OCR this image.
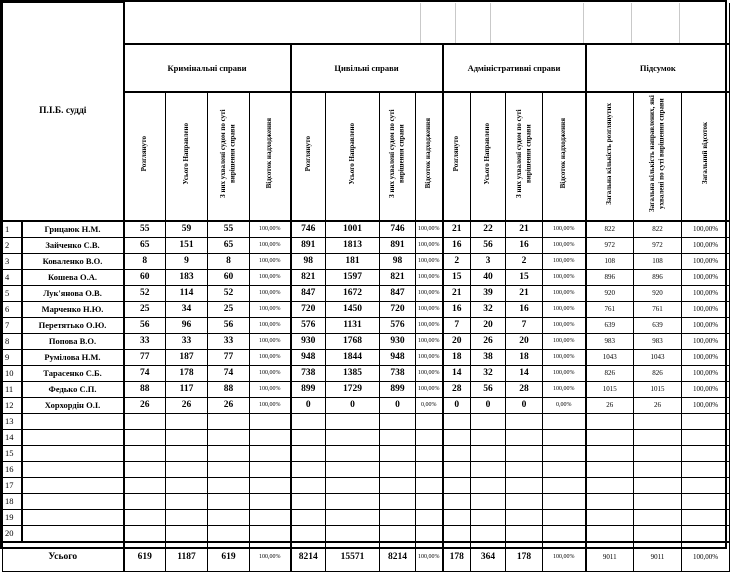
П.І.Б. судді																
		Кримінальні справи				Цивільні справи				Адміністративні справи				Підсумок		
		Розглянуто	Усього Направлено	З них ухвалені судом по суті вирішення справи	Відсоток надходження	Розглянуто	Усього Направлено	З них ухвалені судом по суті вирішення справи	Відсоток надходження	Розглянуто	Усього Направлено	З них ухвалені судом по суті вирішення справи	Відсоток надходження	Загальна кількість розглянутих	Загальна кількість направлених, які ухвалені по суті вирішення справи	Загальний відсоток
1	Грицаюк Н.М.	55	59	55	100,00%	746	1001	746	100,00%	21	22	21	100,00%	822	822	100,00%
2	Зайченко С.В.	65	151	65	100,00%	891	1813	891	100,00%	16	56	16	100,00%	972	972	100,00%
3	Коваленко В.О.	8	9	8	100,00%	98	181	98	100,00%	2	3	2	100,00%	108	108	100,00%
4	Кошева О.А.	60	183	60	100,00%	821	1597	821	100,00%	15	40	15	100,00%	896	896	100,00%
5	Лук'янова О.В.	52	114	52	100,00%	847	1672	847	100,00%	21	39	21	100,00%	920	920	100,00%
6	Марченко Н.Ю.	25	34	25	100,00%	720	1450	720	100,00%	16	32	16	100,00%	761	761	100,00%
7	Перетятько О.Ю.	56	96	56	100,00%	576	1131	576	100,00%	7	20	7	100,00%	639	639	100,00%
8	Попова В.О.	33	33	33	100,00%	930	1768	930	100,00%	20	26	20	100,00%	983	983	100,00%
9	Румілова Н.М.	77	187	77	100,00%	948	1844	948	100,00%	18	38	18	100,00%	1043	1043	100,00%
10	Тарасенко С.Б.	74	178	74	100,00%	738	1385	738	100,00%	14	32	14	100,00%	826	826	100,00%
11	Федько С.П.	88	117	88	100,00%	899	1729	899	100,00%	28	56	28	100,00%	1015	1015	100,00%
12	Хорхордін О.І.	26	26	26	100,00%	0	0	0	0,00%	0	0	0	0,00%	26	26	100,00%
13																
14																
15																
16																
17																
18																
19																
20																
Усього		619	1187	619	100,00%	8214	15571	8214	100,00%	178	364	178	100,00%	9011	9011	100,00%
